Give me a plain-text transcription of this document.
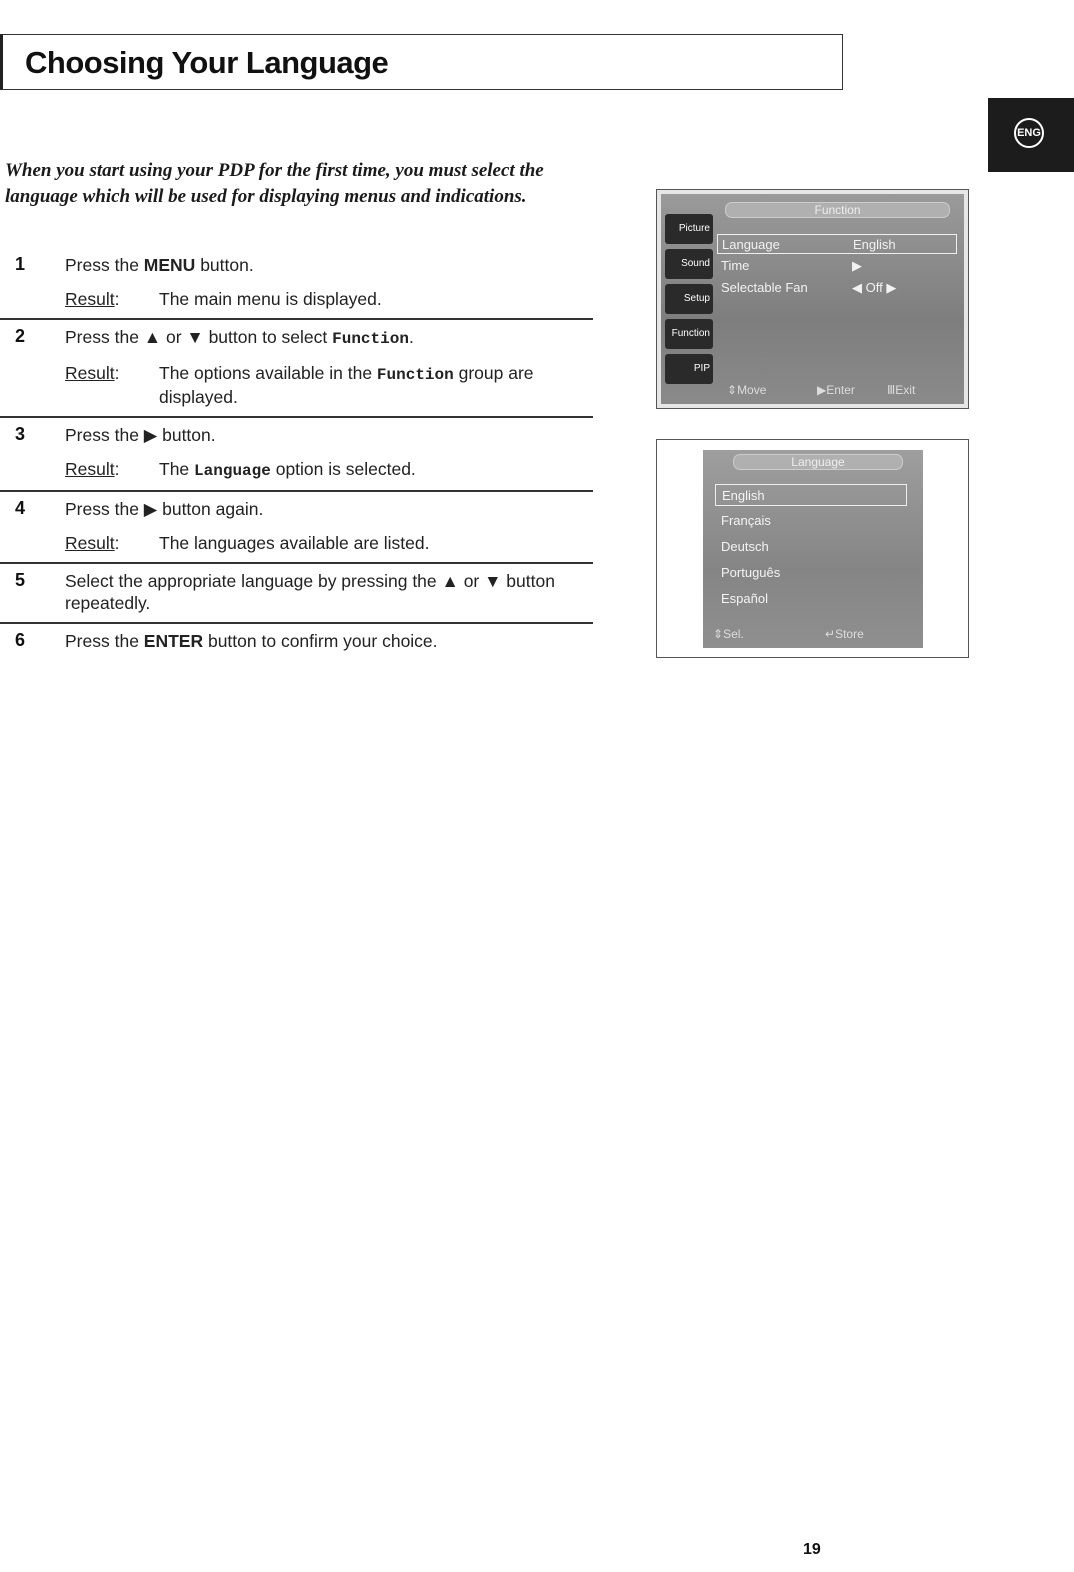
Choosing Your Language
ENG
When you start using your PDP for the first time, you must select the language which will be used for displaying menus and indications.
1 Press the MENU button.
Result:	The main menu is displayed.
2 Press the ▲ or ▼ button to select Function.
Result:	The options available in the Function group are displayed.
3 Press the ▶ button.
Result:	The Language option is selected.
4 Press the ▶ button again.
Result:	The languages available are listed.
5 Select the appropriate language by pressing the ▲ or ▼ button repeatedly.
6 Press the ENTER button to confirm your choice.
Function
Picture
Sound
Setup
Function
PIP
Language	English
Time	▶
Selectable Fan	◀ Off ▶
⇕ Move	▶ Enter	Ⅲ Exit
Language
English
Français
Deutsch
Português
Español
⇕ Sel.	↵ Store
19
